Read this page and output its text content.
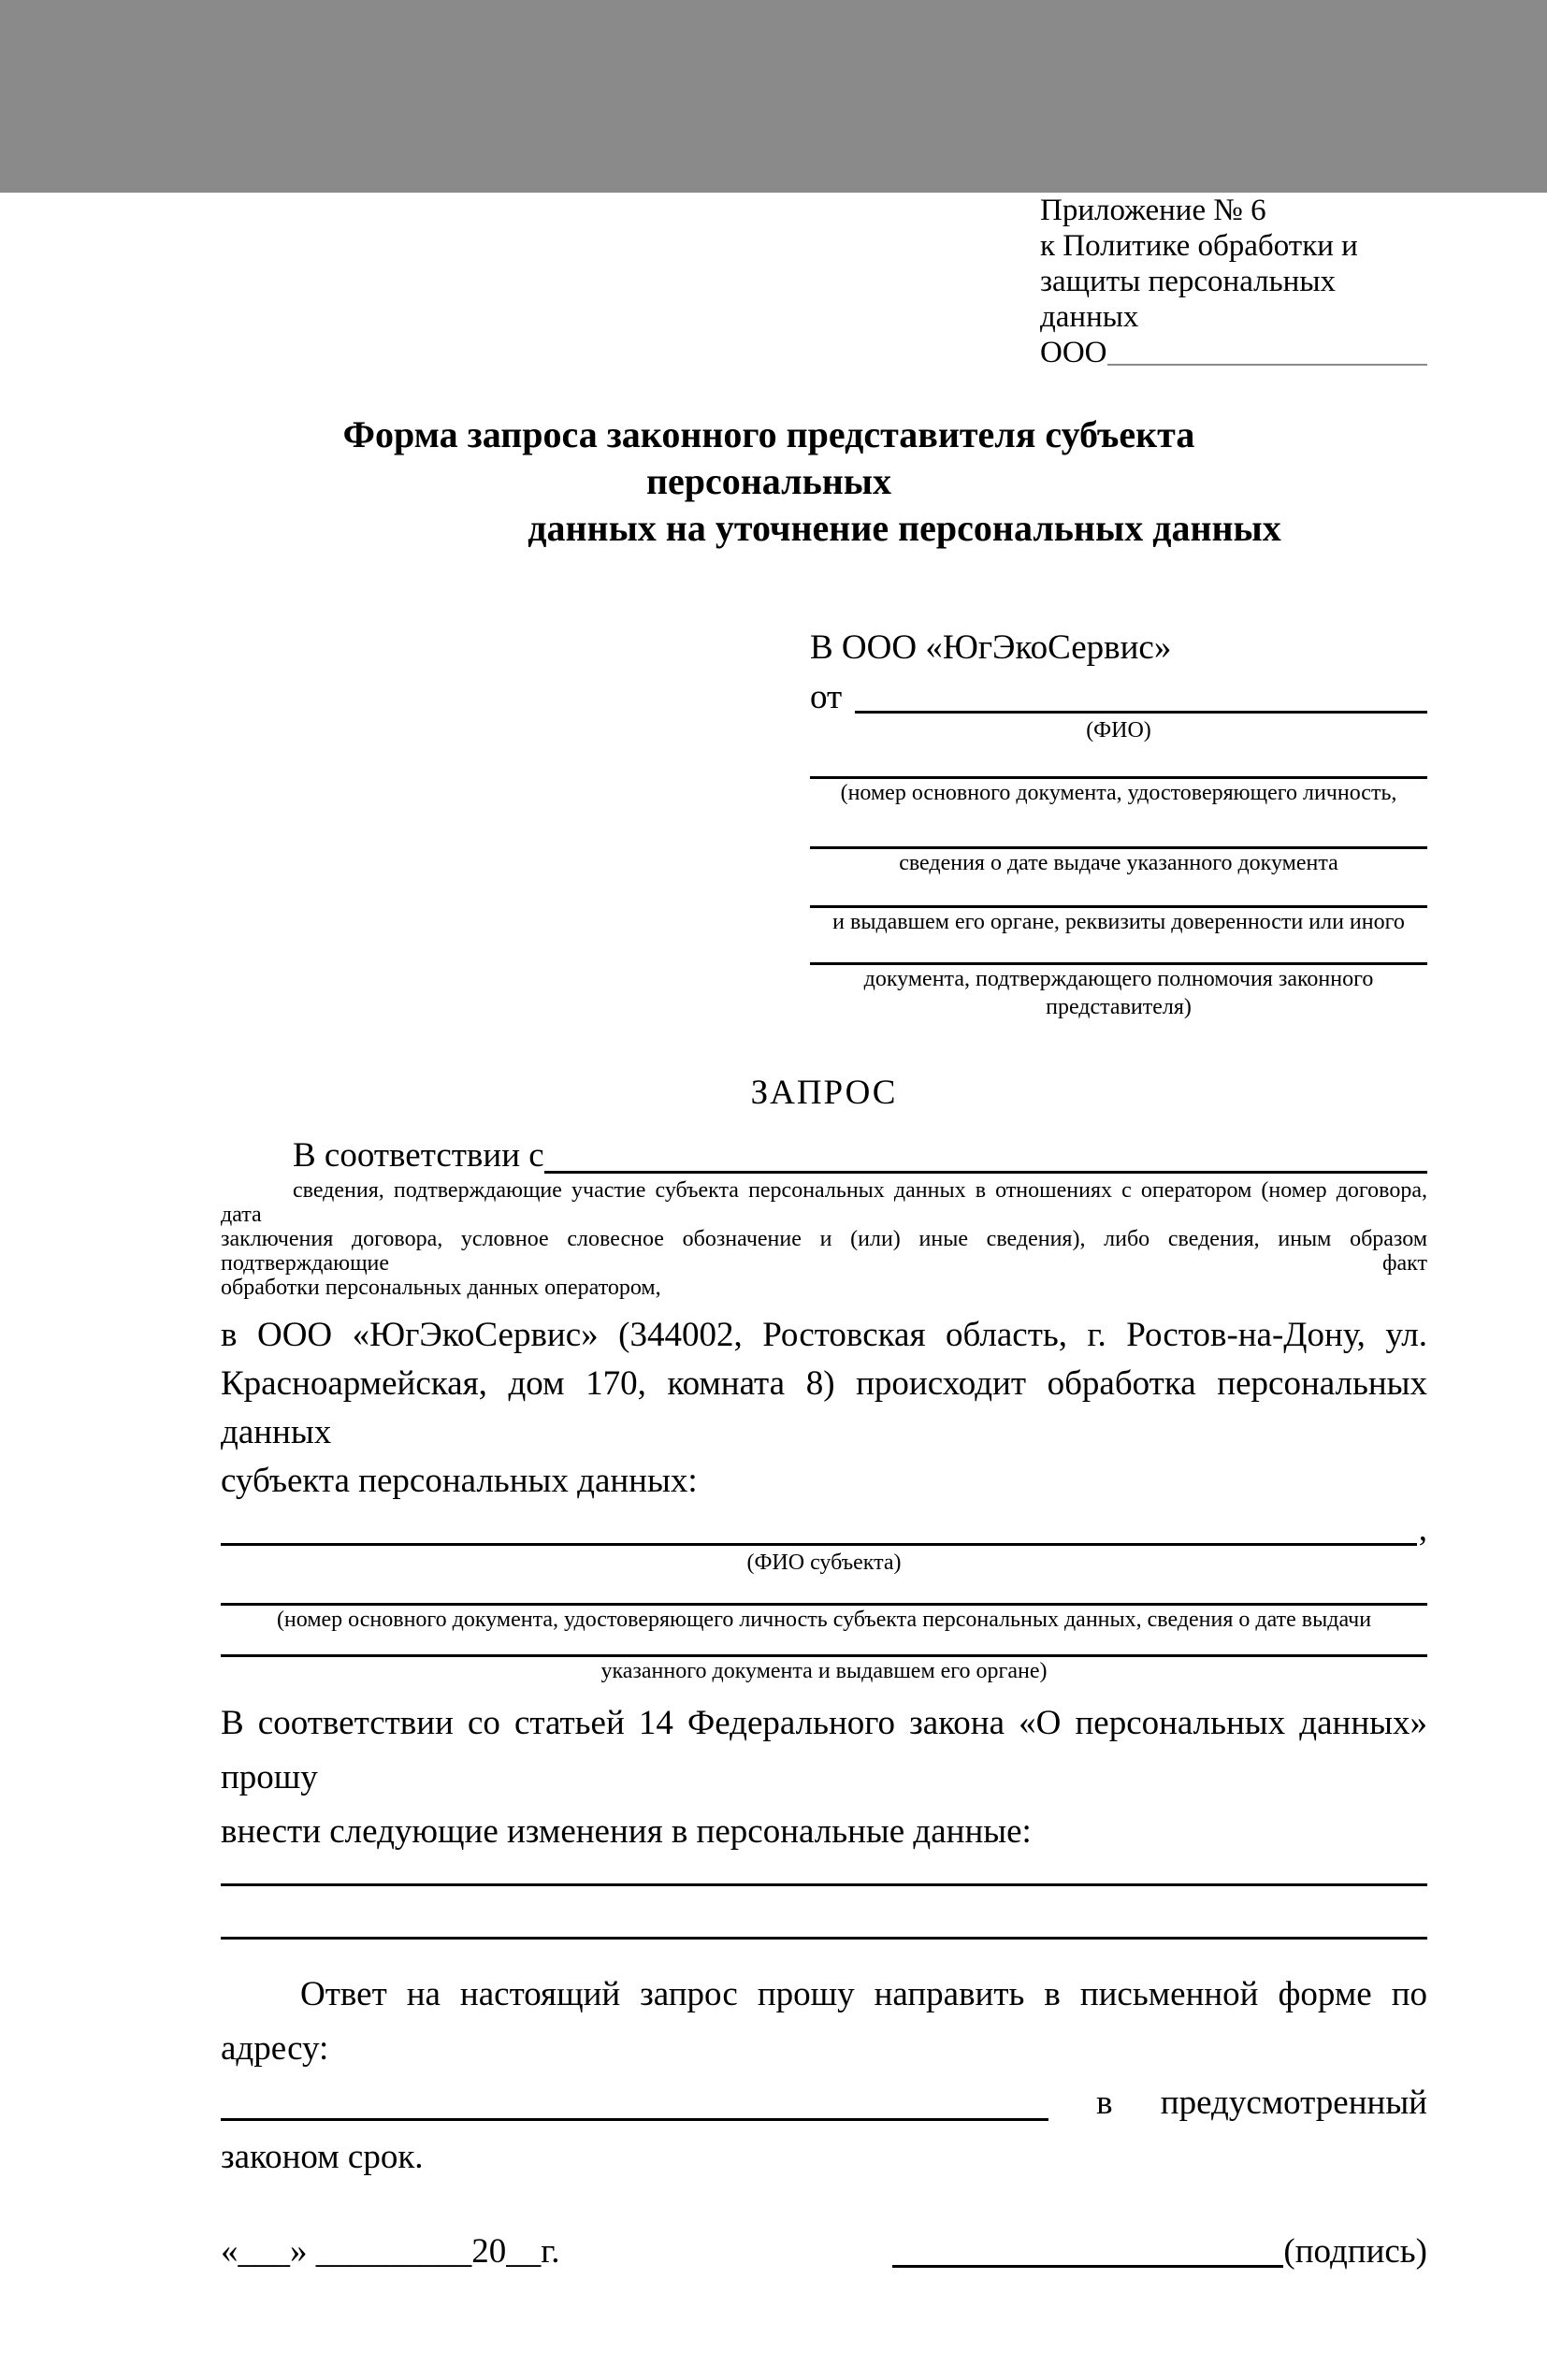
Приложение № 6
к Политике обработки и
защиты персональных данных
ООО
Форма запроса законного представителя субъекта персональных
данных на уточнение персональных данных
В ООО «ЮгЭкоСервис»
от
(ФИО)
(номер основного документа, удостоверяющего личность,
сведения о дате выдаче указанного документа
и выдавшем его органе, реквизиты доверенности или иного
документа, подтверждающего полномочия законного представителя)
ЗАПРОС
В соответствии с
сведения, подтверждающие участие субъекта персональных данных в отношениях с оператором (номер договора, дата
заключения договора, условное словесное обозначение и (или) иные сведения), либо сведения, иным образом подтверждающие факт
обработки персональных данных оператором,
в ООО «ЮгЭкоСервис» (344002, Ростовская область, г. Ростов-на-Дону, ул.
Красноармейская, дом 170, комната 8) происходит обработка персональных данных
субъекта персональных данных:
,
(ФИО субъекта)
(номер основного документа, удостоверяющего личность субъекта персональных данных, сведения о дате выдачи
указанного документа и выдавшем его органе)
В соответствии со статьей 14 Федерального закона «О персональных данных» прошу
внести следующие изменения в персональные данные:
Ответ на настоящий запрос прошу направить в письменной форме по адресу:
в предусмотренный
законом срок.
«___» _________20__г.	(подпись)
